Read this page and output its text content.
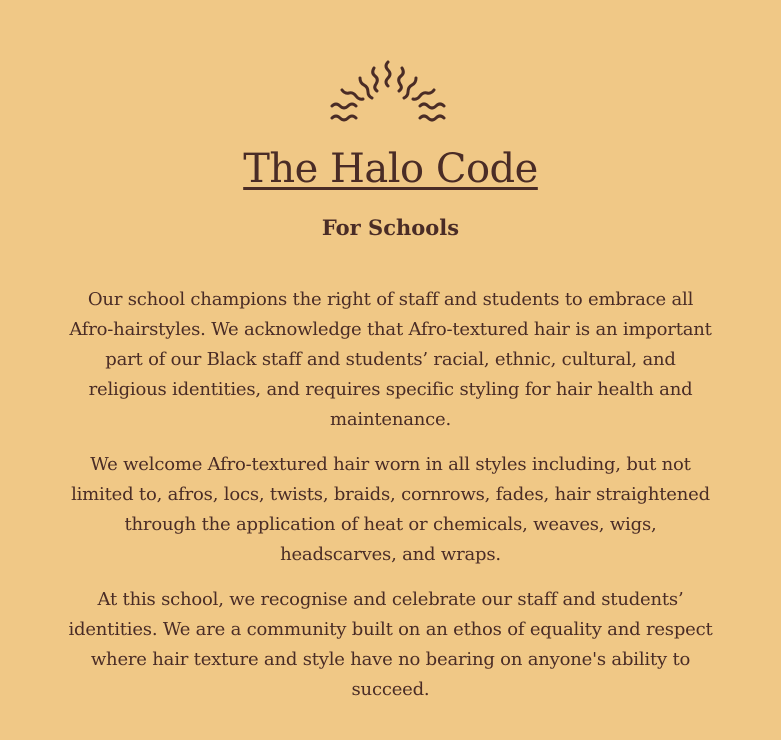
The Halo Code
For Schools

Our school champions the right of staff and students to embrace all Afro-hairstyles. We acknowledge that Afro-textured hair is an important part of our Black staff and students’ racial, ethnic, cultural, and religious identities, and requires specific styling for hair health and maintenance.

We welcome Afro-textured hair worn in all styles including, but not limited to, afros, locs, twists, braids, cornrows, fades, hair straightened through the application of heat or chemicals, weaves, wigs, headscarves, and wraps.

At this school, we recognise and celebrate our staff and students’ identities. We are a community built on an ethos of equality and respect where hair texture and style have no bearing on anyone's ability to succeed.
